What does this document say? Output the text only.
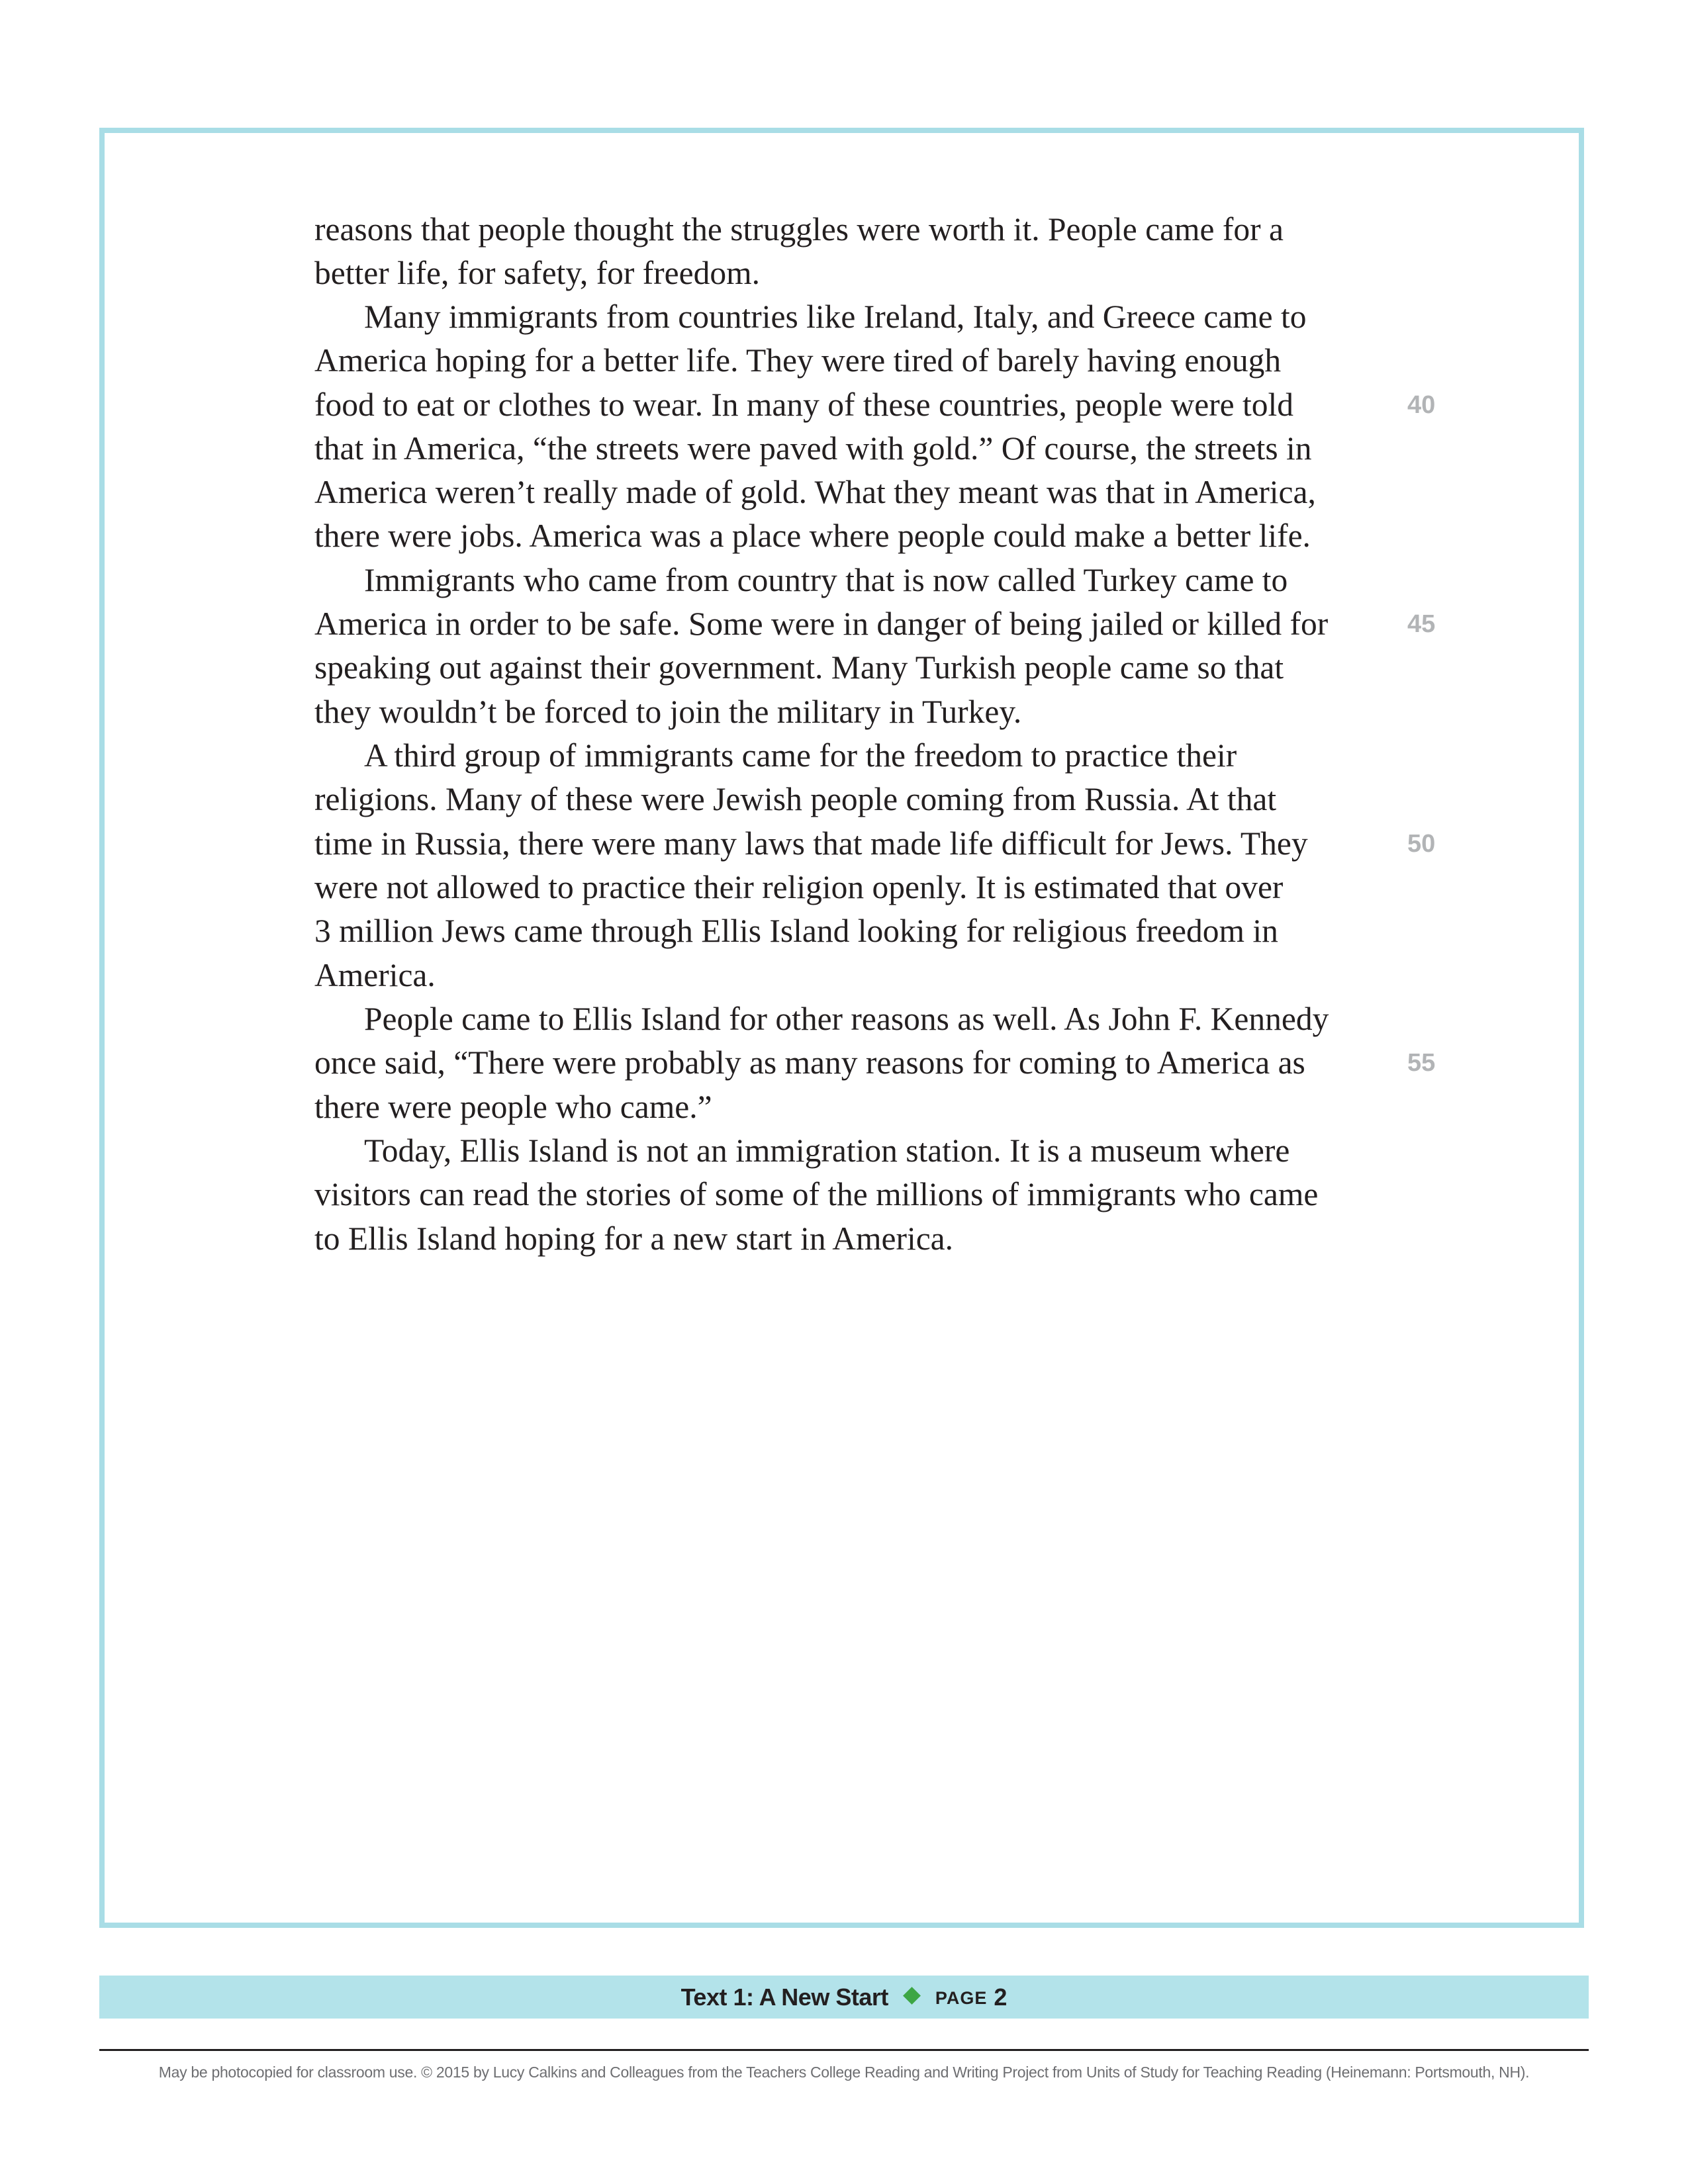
reasons that people thought the struggles were worth it. People came for a
better life, for safety, for freedom.
Many immigrants from countries like Ireland, Italy, and Greece came to
America hoping for a better life. They were tired of barely having enough
food to eat or clothes to wear. In many of these countries, people were told
that in America, “the streets were paved with gold.” Of course, the streets in
America weren’t really made of gold. What they meant was that in America,
there were jobs. America was a place where people could make a better life.
Immigrants who came from country that is now called Turkey came to
America in order to be safe. Some were in danger of being jailed or killed for
speaking out against their government. Many Turkish people came so that
they wouldn’t be forced to join the military in Turkey.
A third group of immigrants came for the freedom to practice their
religions. Many of these were Jewish people coming from Russia. At that
time in Russia, there were many laws that made life difficult for Jews. They
were not allowed to practice their religion openly. It is estimated that over
3 million Jews came through Ellis Island looking for religious freedom in
America.
People came to Ellis Island for other reasons as well. As John F. Kennedy
once said, “There were probably as many reasons for coming to America as
there were people who came.”
Today, Ellis Island is not an immigration station. It is a museum where
visitors can read the stories of some of the millions of immigrants who came
to Ellis Island hoping for a new start in America.
40
45
50
55
Text 1: A New Start	PAGE 2
May be photocopied for classroom use. © 2015 by Lucy Calkins and Colleagues from the Teachers College Reading and Writing Project from Units of Study for Teaching Reading (Heinemann: Portsmouth, NH).
